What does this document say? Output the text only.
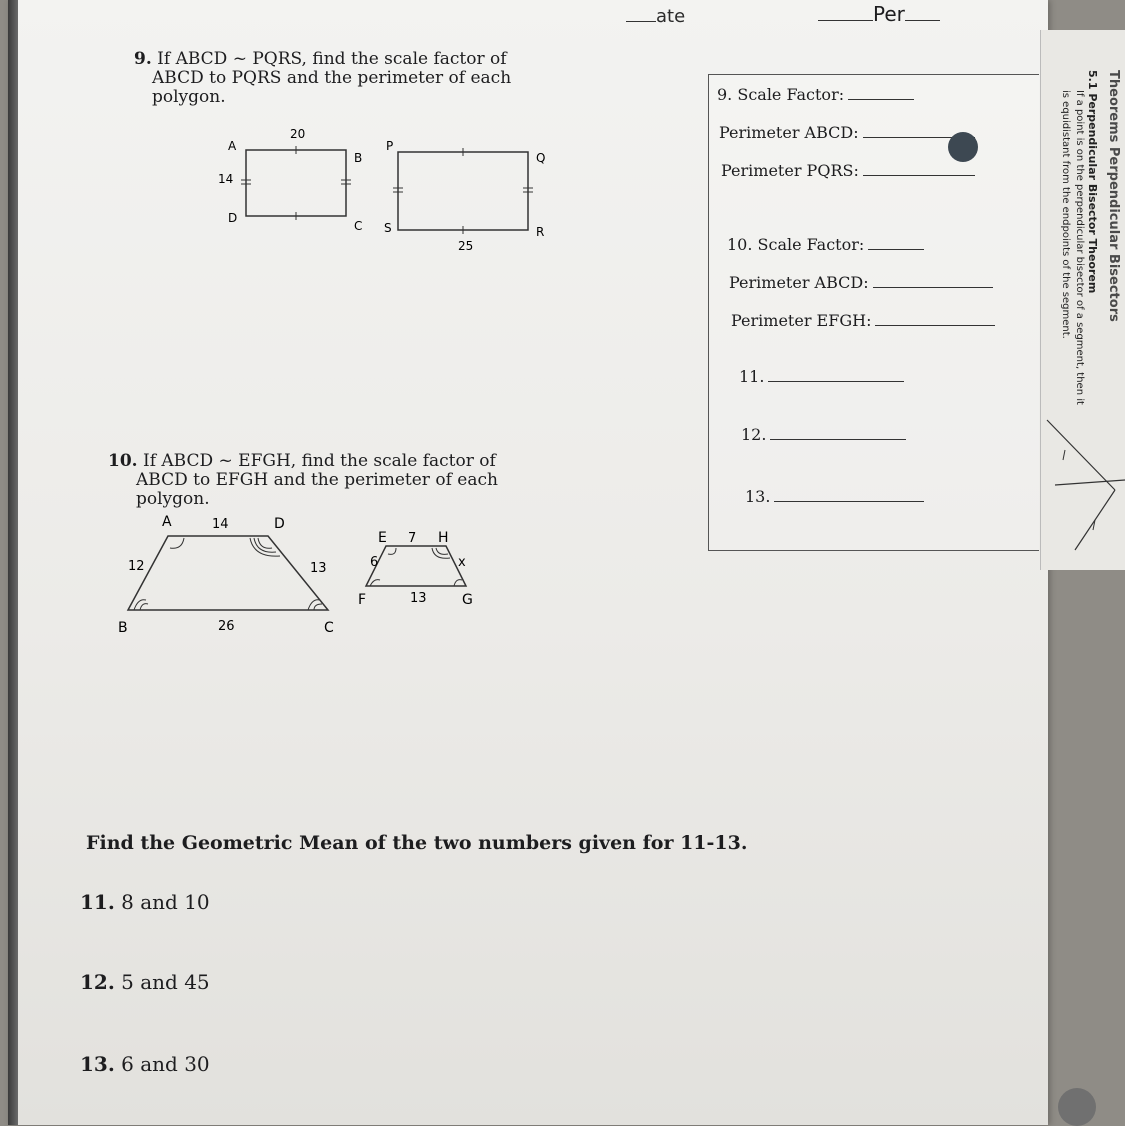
ate	Per
9. If ABCD ~ PQRS, find the scale factor of
ABCD to PQRS and the perimeter of each
polygon.
A
B
C
D
20
14
P
Q
R
S
25
10. If ABCD ~ EFGH, find the scale factor of
ABCD to EFGH and the perimeter of each
polygon.
A	D
B	C
14
12	13
26
E	H
F	G
7
6	x
13
9. Scale Factor:
Perimeter ABCD:
Perimeter PQRS:
10. Scale Factor:
Perimeter ABCD:
Perimeter EFGH:
11.
12.
13.
Find the Geometric Mean of the two numbers given for 11-13.
11. 8 and 10
12. 5 and 45
13. 6 and 30
Theorems Perpendicular Bisectors
5.1 Perpendicular Bisector Theorem
If a point is on the perpendicular bisector of a segment, then it
is equidistant from the endpoints of the segment.
